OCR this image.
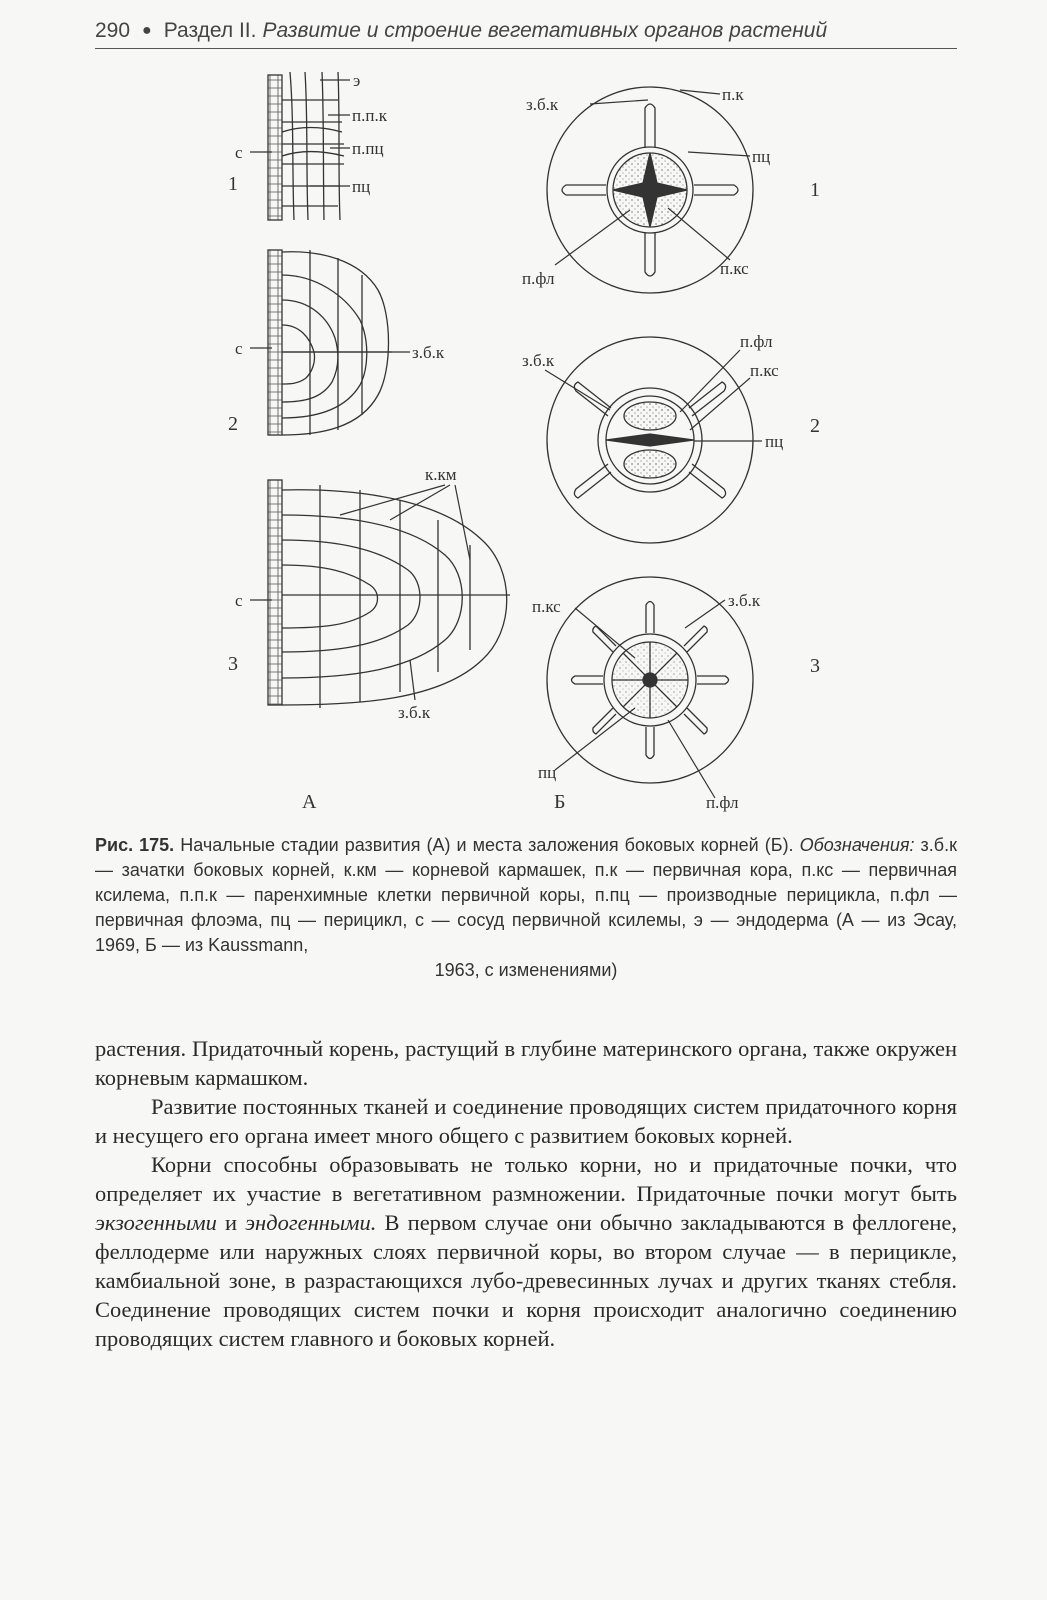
290 ● Раздел II. Развитие и строение вегетативных органов растений
э
п.п.к
п.пц
с
пц
1
з.б.к
с
2
к.км
с
з.б.к
3
А
з.б.к
п.к
пц
п.фл
п.кс
1
з.б.к
п.фл
п.кс
пц
2
п.кс	з.б.к
пц
п.фл
3
Б
Рис. 175. Начальные стадии развития (А) и места заложения боковых корней (Б). Обозначения: з.б.к — зачатки боковых корней, к.км — корневой кармашек, п.к — первичная кора, п.кс — первичная ксилема, п.п.к — паренхимные клетки первичной коры, п.пц — производные перицикла, п.фл — первичная флоэма, пц — перицикл, с — сосуд первичной ксилемы, э — эндодерма (А — из Эсау, 1969, Б — из Kaussmann,
1963, с изменениями)

растения. Придаточный корень, растущий в глубине материнского органа, также окружен корневым кармашком.

Развитие постоянных тканей и соединение проводящих систем придаточного корня и несущего его органа имеет много общего с развитием боковых корней.

Корни способны образовывать не только корни, но и придаточные почки, что определяет их участие в вегетативном размножении. Придаточные почки могут быть экзогенными и эндогенными. В первом случае они обычно закладываются в феллогене, феллодерме или наружных слоях первичной коры, во втором случае — в перицикле, камбиальной зоне, в разрастающихся лубо-древесинных лучах и других тканях стебля. Соединение проводящих систем почки и корня происходит аналогично соединению проводящих систем главного и боковых корней.
